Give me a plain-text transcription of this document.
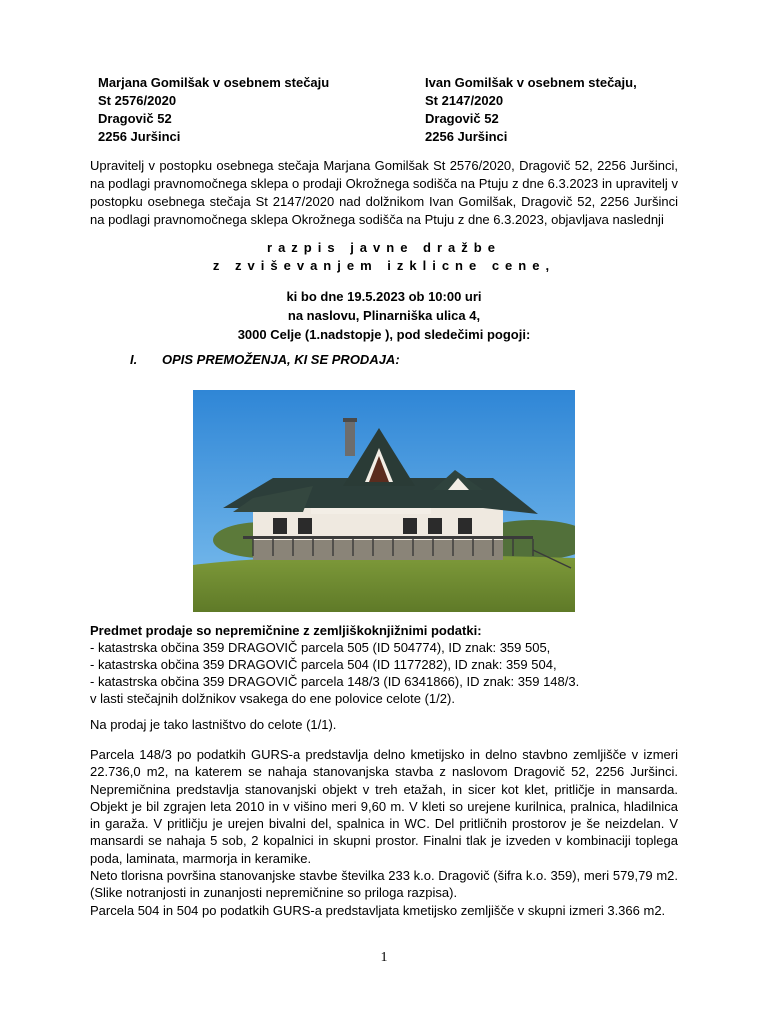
Marjana Gomilšak v osebnem stečaju
St 2576/2020
Dragovič 52
2256 Juršinci
Ivan Gomilšak v osebnem stečaju,
St 2147/2020
Dragovič 52
2256 Juršinci
Upravitelj v postopku osebnega stečaja Marjana Gomilšak St 2576/2020, Dragovič 52, 2256 Juršinci, na podlagi pravnomočnega sklepa o prodaji Okrožnega sodišča na Ptuju z dne 6.3.2023 in upravitelj v postopku osebnega stečaja St 2147/2020 nad dolžnikom Ivan Gomilšak, Dragovič 52, 2256 Juršinci na podlagi pravnomočnega sklepa Okrožnega sodišča na Ptuju z dne 6.3.2023, objavljava naslednji
razpis javne dražbe
z zviševanjem izklicne cene,
ki bo dne 19.5.2023 ob 10:00 uri
na naslovu, Plinarniška ulica 4,
3000 Celje (1.nadstopje ), pod sledečimi pogoji:
I. OPIS PREMOŽENJA, KI SE PRODAJA:
Predmet prodaje so nepremičnine z zemljiškoknjižnimi podatki:
- katastrska občina 359 DRAGOVIČ parcela 505 (ID 504774), ID znak: 359 505,
- katastrska občina 359 DRAGOVIČ parcela 504 (ID 1177282), ID znak: 359 504,
- katastrska občina 359 DRAGOVIČ parcela 148/3 (ID 6341866), ID znak: 359 148/3.
v lasti stečajnih dolžnikov vsakega do ene polovice celote (1/2).
Na prodaj je tako lastništvo do celote (1/1).
Parcela 148/3 po podatkih GURS-a predstavlja delno kmetijsko in delno stavbno zemljišče v izmeri 22.736,0 m2, na katerem se nahaja stanovanjska stavba z naslovom Dragovič 52, 2256 Juršinci. Nepremičnina predstavlja stanovanjski objekt v treh etažah, in sicer kot klet, pritličje in mansarda. Objekt je bil zgrajen leta 2010 in v višino meri 9,60 m. V kleti so urejene kurilnica, pralnica, hladilnica in garaža. V pritličju je urejen bivalni del, spalnica in WC. Del pritličnih prostorov je še neizdelan. V mansardi se nahaja 5 sob, 2 kopalnici in skupni prostor. Finalni tlak je izveden v kombinaciji toplega poda, laminata, marmorja in keramike.
Neto tlorisna površina stanovanjske stavbe številka 233 k.o. Dragovič (šifra k.o. 359), meri 579,79 m2. (Slike notranjosti in zunanjosti nepremičnine so priloga razpisa).
Parcela 504 in 504 po podatkih GURS-a predstavljata kmetijsko zemljišče v skupni izmeri 3.366 m2.
1
